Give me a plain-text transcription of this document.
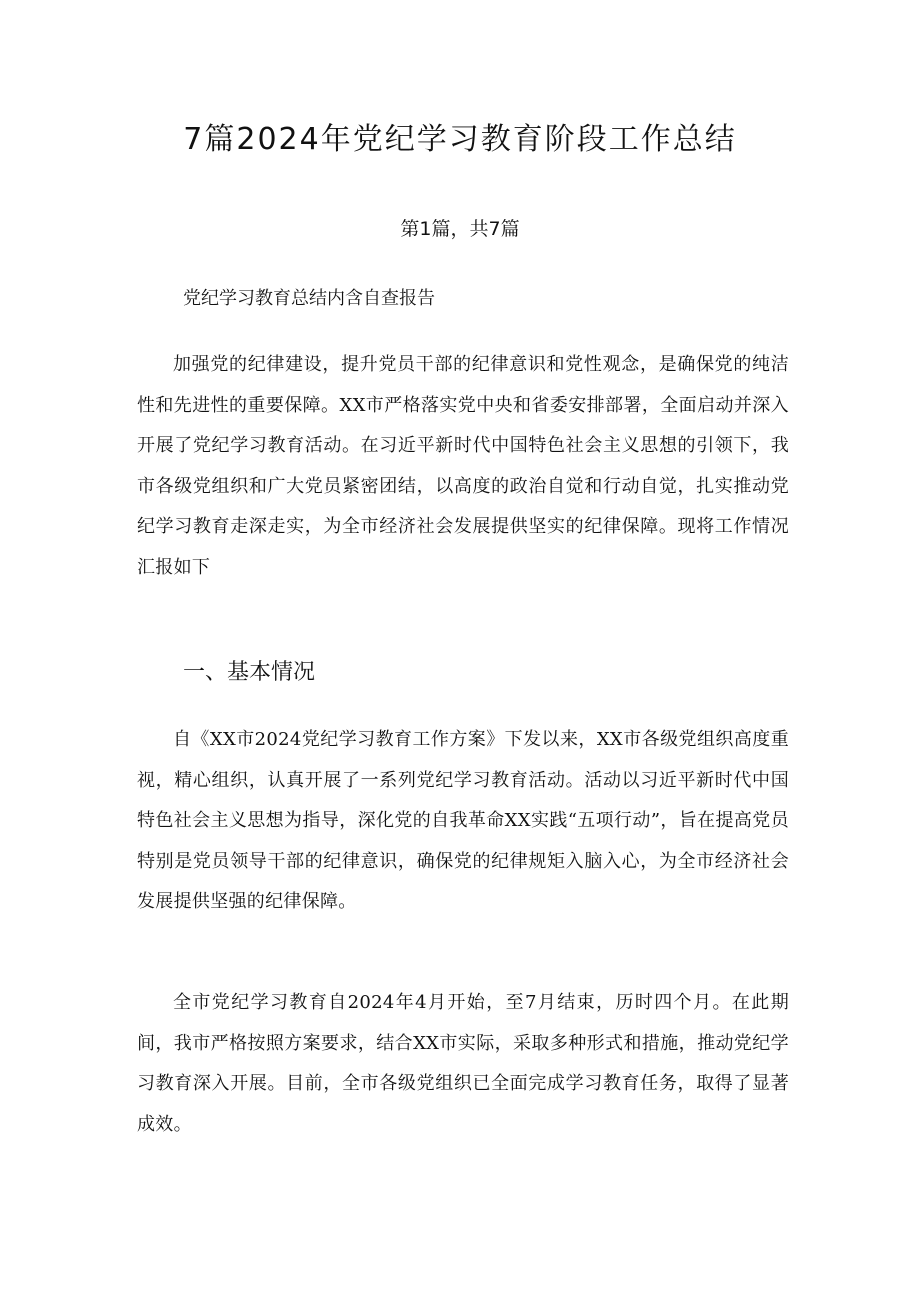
7篇2024年党纪学习教育阶段工作总结
第1篇，共7篇
党纪学习教育总结内含自查报告

加强党的纪律建设，提升党员干部的纪律意识和党性观念，是确保党的纯洁性和先进性的重要保障。XX市严格落实党中央和省委安排部署，全面启动并深入开展了党纪学习教育活动。在习近平新时代中国特色社会主义思想的引领下，我市各级党组织和广大党员紧密团结，以高度的政治自觉和行动自觉，扎实推动党纪学习教育走深走实，为全市经济社会发展提供坚实的纪律保障。现将工作情况汇报如下

一、基本情况

自《XX市2024党纪学习教育工作方案》下发以来，XX市各级党组织高度重视，精心组织，认真开展了一系列党纪学习教育活动。活动以习近平新时代中国特色社会主义思想为指导，深化党的自我革命XX实践“五项行动”，旨在提高党员特别是党员领导干部的纪律意识，确保党的纪律规矩入脑入心，为全市经济社会发展提供坚强的纪律保障。

全市党纪学习教育自2024年4月开始，至7月结束，历时四个月。在此期间，我市严格按照方案要求，结合XX市实际，采取多种形式和措施，推动党纪学习教育深入开展。目前，全市各级党组织已全面完成学习教育任务，取得了显著成效。
